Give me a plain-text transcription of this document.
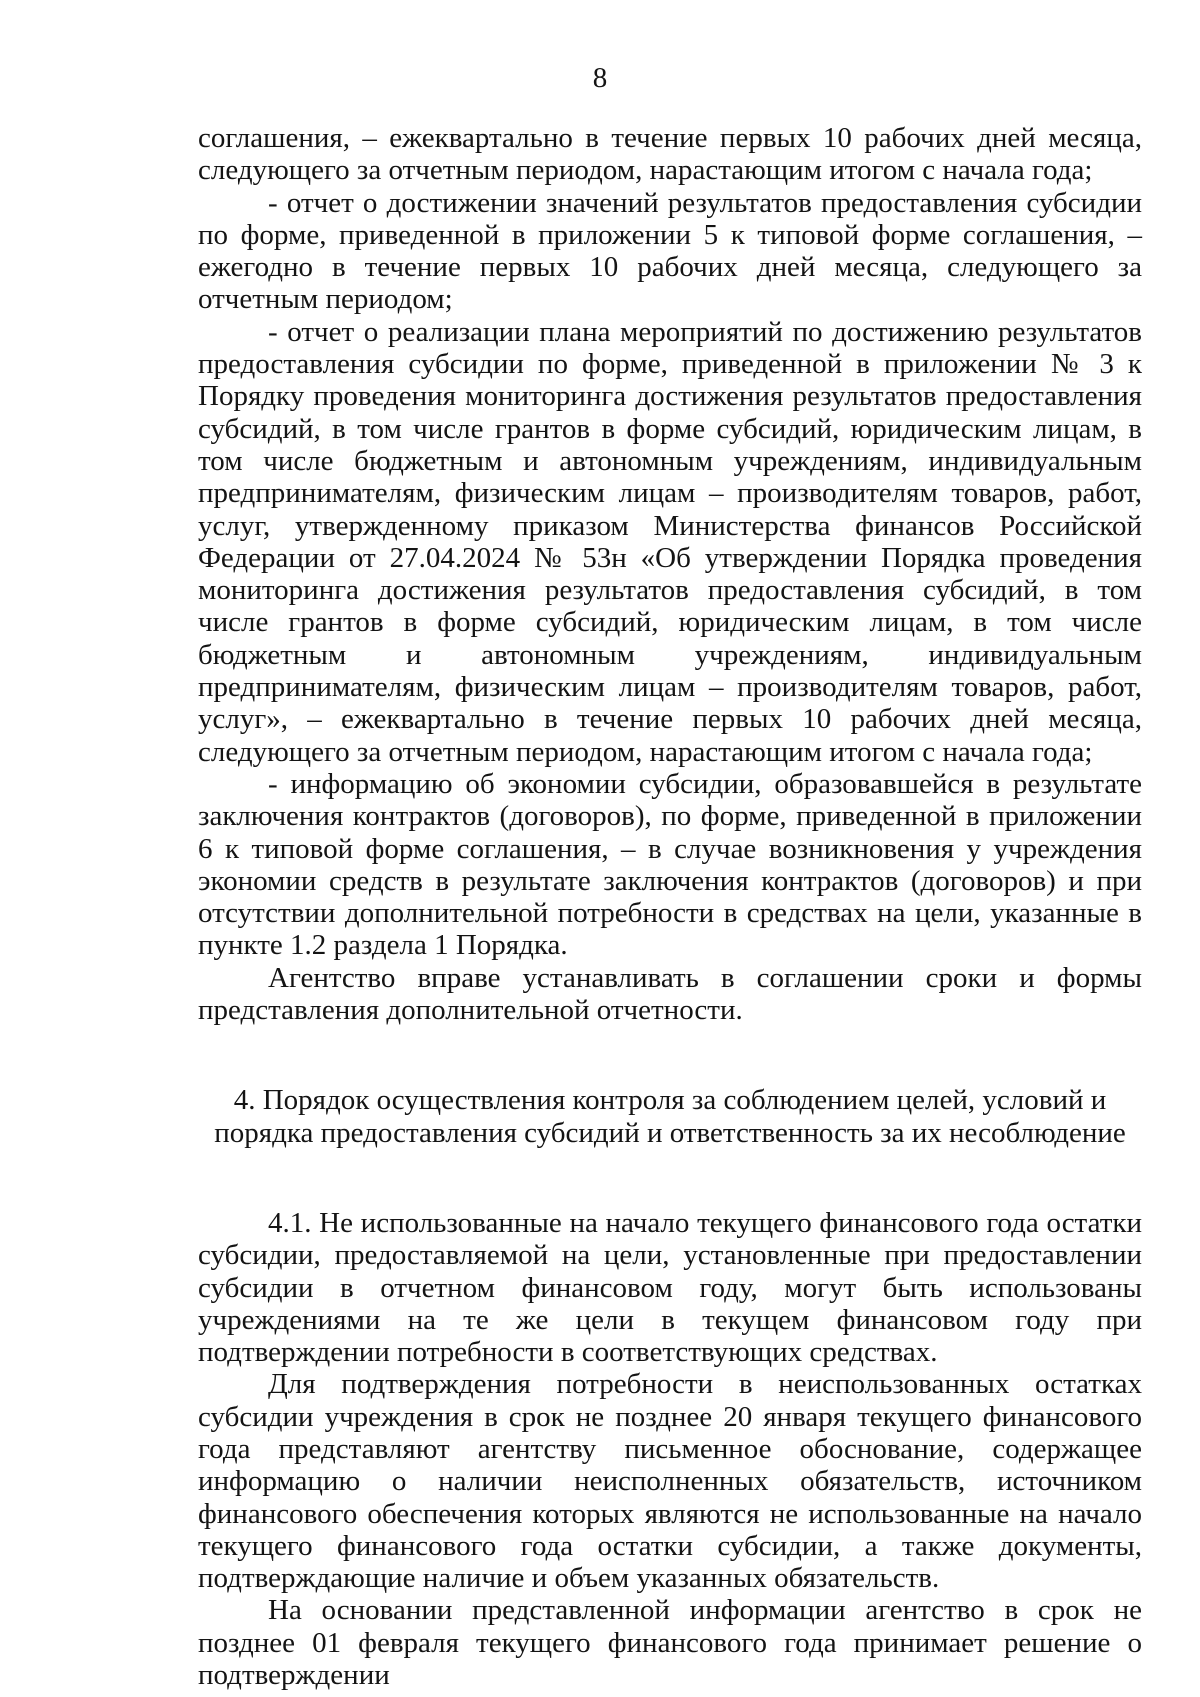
8

соглашения, – ежеквартально в течение первых 10 рабочих дней месяца, следующего за отчетным периодом, нарастающим итогом с начала года;

- отчет о достижении значений результатов предоставления субсидии по форме, приведенной в приложении 5 к типовой форме соглашения, – ежегодно в течение первых 10 рабочих дней месяца, следующего за отчетным периодом;

- отчет о реализации плана мероприятий по достижению результатов предоставления субсидии по форме, приведенной в приложении № 3 к Порядку проведения мониторинга достижения результатов предоставления субсидий, в том числе грантов в форме субсидий, юридическим лицам, в том числе бюджетным и автономным учреждениям, индивидуальным предпринимателям, физическим лицам – производителям товаров, работ, услуг, утвержденному приказом Министерства финансов Российской Федерации от 27.04.2024 № 53н «Об утверждении Порядка проведения мониторинга достижения результатов предоставления субсидий, в том числе грантов в форме субсидий, юридическим лицам, в том числе бюджетным и автономным учреждениям, индивидуальным предпринимателям, физическим лицам – производителям товаров, работ, услуг», – ежеквартально в течение первых 10 рабочих дней месяца, следующего за отчетным периодом, нарастающим итогом с начала года;

- информацию об экономии субсидии, образовавшейся в результате заключения контрактов (договоров), по форме, приведенной в приложении 6 к типовой форме соглашения, – в случае возникновения у учреждения экономии средств в результате заключения контрактов (договоров) и при отсутствии дополнительной потребности в средствах на цели, указанные в пункте 1.2 раздела 1 Порядка.

Агентство вправе устанавливать в соглашении сроки и формы представления дополнительной отчетности.

4. Порядок осуществления контроля за соблюдением целей, условий и
порядка предоставления субсидий и ответственность за их несоблюдение

4.1. Не использованные на начало текущего финансового года остатки субсидии, предоставляемой на цели, установленные при предоставлении субсидии в отчетном финансовом году, могут быть использованы учреждениями на те же цели в текущем финансовом году при подтверждении потребности в соответствующих средствах.

Для подтверждения потребности в неиспользованных остатках субсидии учреждения в срок не позднее 20 января текущего финансового года представляют агентству письменное обоснование, содержащее информацию о наличии неисполненных обязательств, источником финансового обеспечения которых являются не использованные на начало текущего финансового года остатки субсидии, а также документы, подтверждающие наличие и объем указанных обязательств.

На основании представленной информации агентство в срок не позднее 01 февраля текущего финансового года принимает решение о подтверждении
